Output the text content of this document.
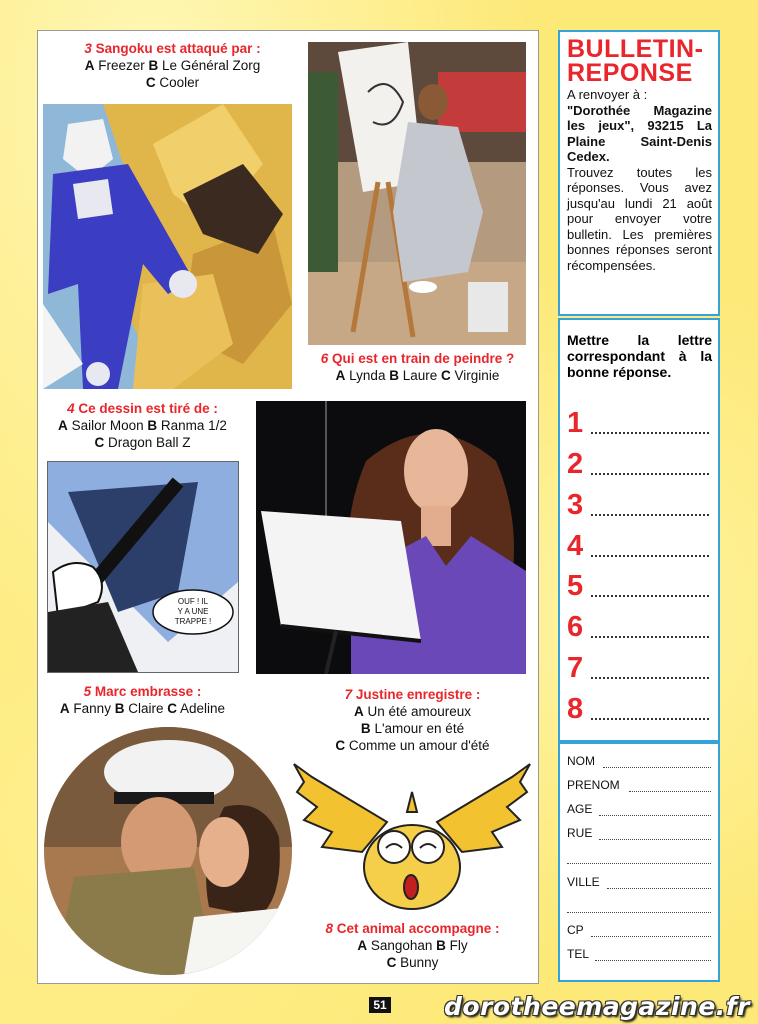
3 Sangoku est attaqué par :
A Freezer B Le Général Zorg
C Cooler
6 Qui est en train de peindre ?
A Lynda B Laure C Virginie
4 Ce dessin est tiré de :
A Sailor Moon B Ranma 1/2
C Dragon Ball Z
OUF ! IL
Y A UNE
TRAPPE !
5 Marc embrasse :
A Fanny B Claire C Adeline
7 Justine enregistre :
A Un été amoureux
B L'amour en été
C Comme un amour d'été
8 Cet animal accompagne :
A Sangohan B Fly
C Bunny
BULLETIN-
REPONSE
A renvoyer à :
"Dorothée Magazine les jeux", 93215 La Plaine Saint-Denis Cedex.
Trouvez toutes les réponses. Vous avez jusqu'au lundi 21 août pour envoyer votre bulletin. Les premières bonnes réponses seront récompensées.
Mettre la lettre correspondant à la bonne réponse.
1
2
3
4
5
6
7
8
NOM
PRENOM
AGE
RUE
VILLE
CP
TEL
51 dorotheemagazine.fr
